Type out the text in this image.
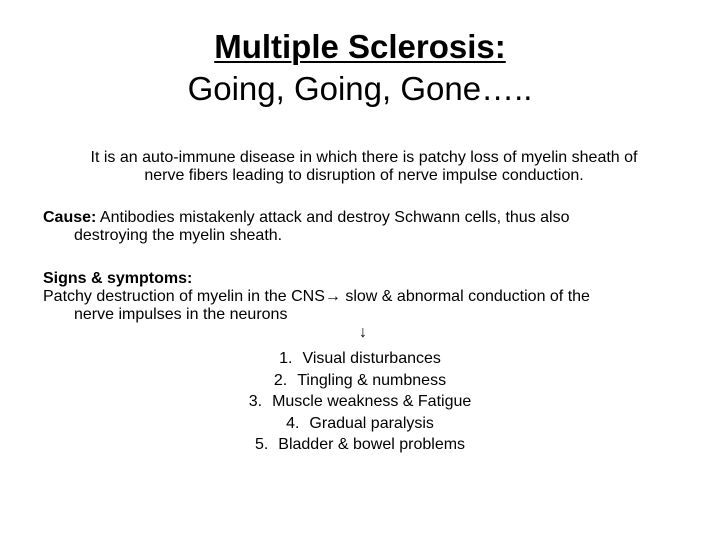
Multiple Sclerosis:
Going, Going, Gone…..
It is an auto-immune disease in which there is patchy loss of myelin sheath of
nerve fibers leading to disruption of nerve impulse conduction.
Cause: Antibodies mistakenly attack and destroy Schwann cells, thus also
destroying the myelin sheath.
Signs & symptoms:
Patchy destruction of myelin in the CNS→ slow & abnormal conduction of the
nerve impulses in the neurons
↓
1. Visual disturbances
2. Tingling & numbness
3. Muscle weakness & Fatigue
4. Gradual paralysis
5. Bladder & bowel problems
